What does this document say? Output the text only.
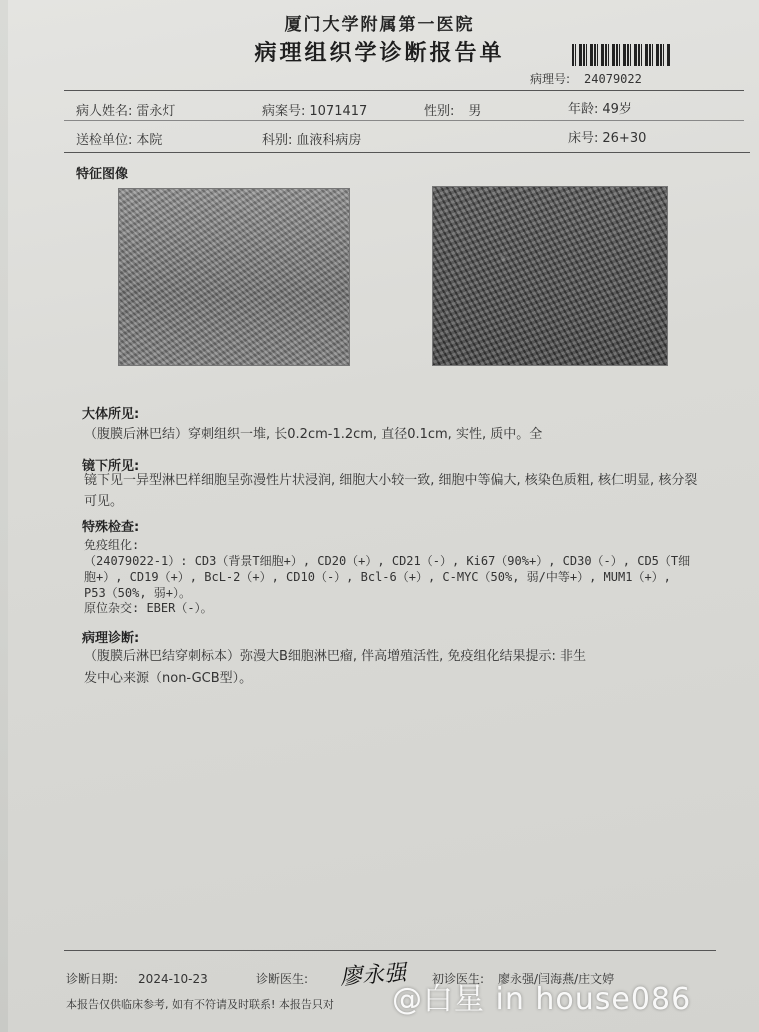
厦门大学附属第一医院
病理组织学诊断报告单
病理号: 24079022
病人姓名: 雷永灯	病案号: 1071417	性别: 男	年龄: 49岁
送检单位: 本院	科别: 血液科病房	床号: 26+30
特征图像
大体所见:
（腹膜后淋巴结）穿刺组织一堆, 长0.2cm-1.2cm, 直径0.1cm, 实性, 质中。全
镜下所见:
镜下见一异型淋巴样细胞呈弥漫性片状浸润, 细胞大小较一致, 细胞中等偏大, 核染色质粗, 核仁明显, 核分裂可见。
特殊检查:
免疫组化:
（24079022-1）: CD3（背景T细胞+）, CD20（+）, CD21（-）, Ki67（90%+）, CD30（-）, CD5（T细
胞+）, CD19（+）, BcL-2（+）, CD10（-）, Bcl-6（+）, C-MYC（50%, 弱/中等+）, MUM1（+）,
P53（50%, 弱+）。
原位杂交: EBER（-）。
病理诊断:
（腹膜后淋巴结穿刺标本）弥漫大B细胞淋巴瘤, 伴高增殖活性, 免疫组化结果提示: 非生
发中心来源（non-GCB型）。
诊断日期: 2024-10-23	诊断医生: 廖永强 初诊医生: 廖永强/闫海燕/庄文婷
本报告仅供临床参考, 如有不符请及时联系! 本报告只对 @白星 in house086
